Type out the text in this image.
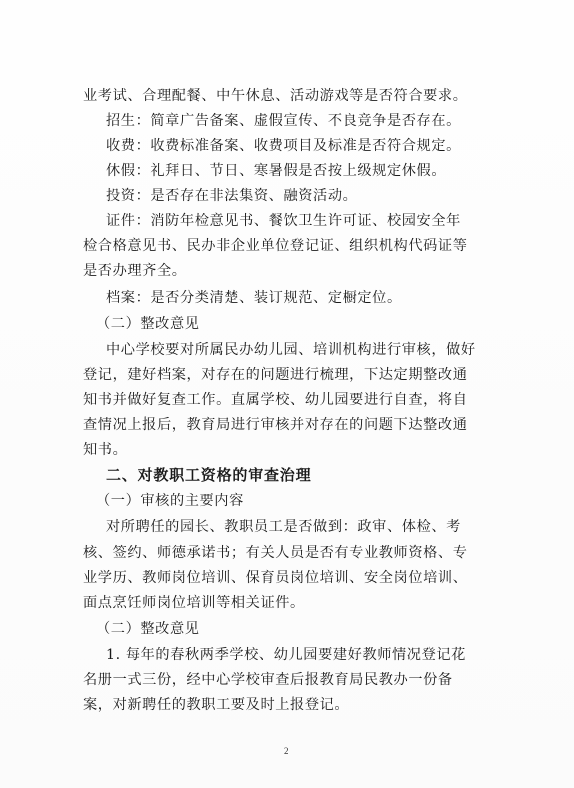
业考试、合理配餐、中午休息、活动游戏等是否符合要求。
招生：简章广告备案、虚假宣传、不良竞争是否存在。
收费：收费标准备案、收费项目及标准是否符合规定。
休假：礼拜日、节日、寒暑假是否按上级规定休假。
投资：是否存在非法集资、融资活动。
证件：消防年检意见书、餐饮卫生许可证、校园安全年
检合格意见书、民办非企业单位登记证、组织机构代码证等
是否办理齐全。
档案：是否分类清楚、装订规范、定橱定位。
（二）整改意见
中心学校要对所属民办幼儿园、培训机构进行审核，做好
登记，建好档案，对存在的问题进行梳理，下达定期整改通
知书并做好复查工作。直属学校、幼儿园要进行自查，将自
查情况上报后，教育局进行审核并对存在的问题下达整改通
知书。
二、对教职工资格的审查治理
（一）审核的主要内容
对所聘任的园长、教职员工是否做到：政审、体检、考
核、签约、师德承诺书；有关人员是否有专业教师资格、专
业学历、教师岗位培训、保育员岗位培训、安全岗位培训、
面点烹饪师岗位培训等相关证件。
（二）整改意见
1. 每年的春秋两季学校、幼儿园要建好教师情况登记花
名册一式三份，经中心学校审查后报教育局民教办一份备
案，对新聘任的教职工要及时上报登记。
2
